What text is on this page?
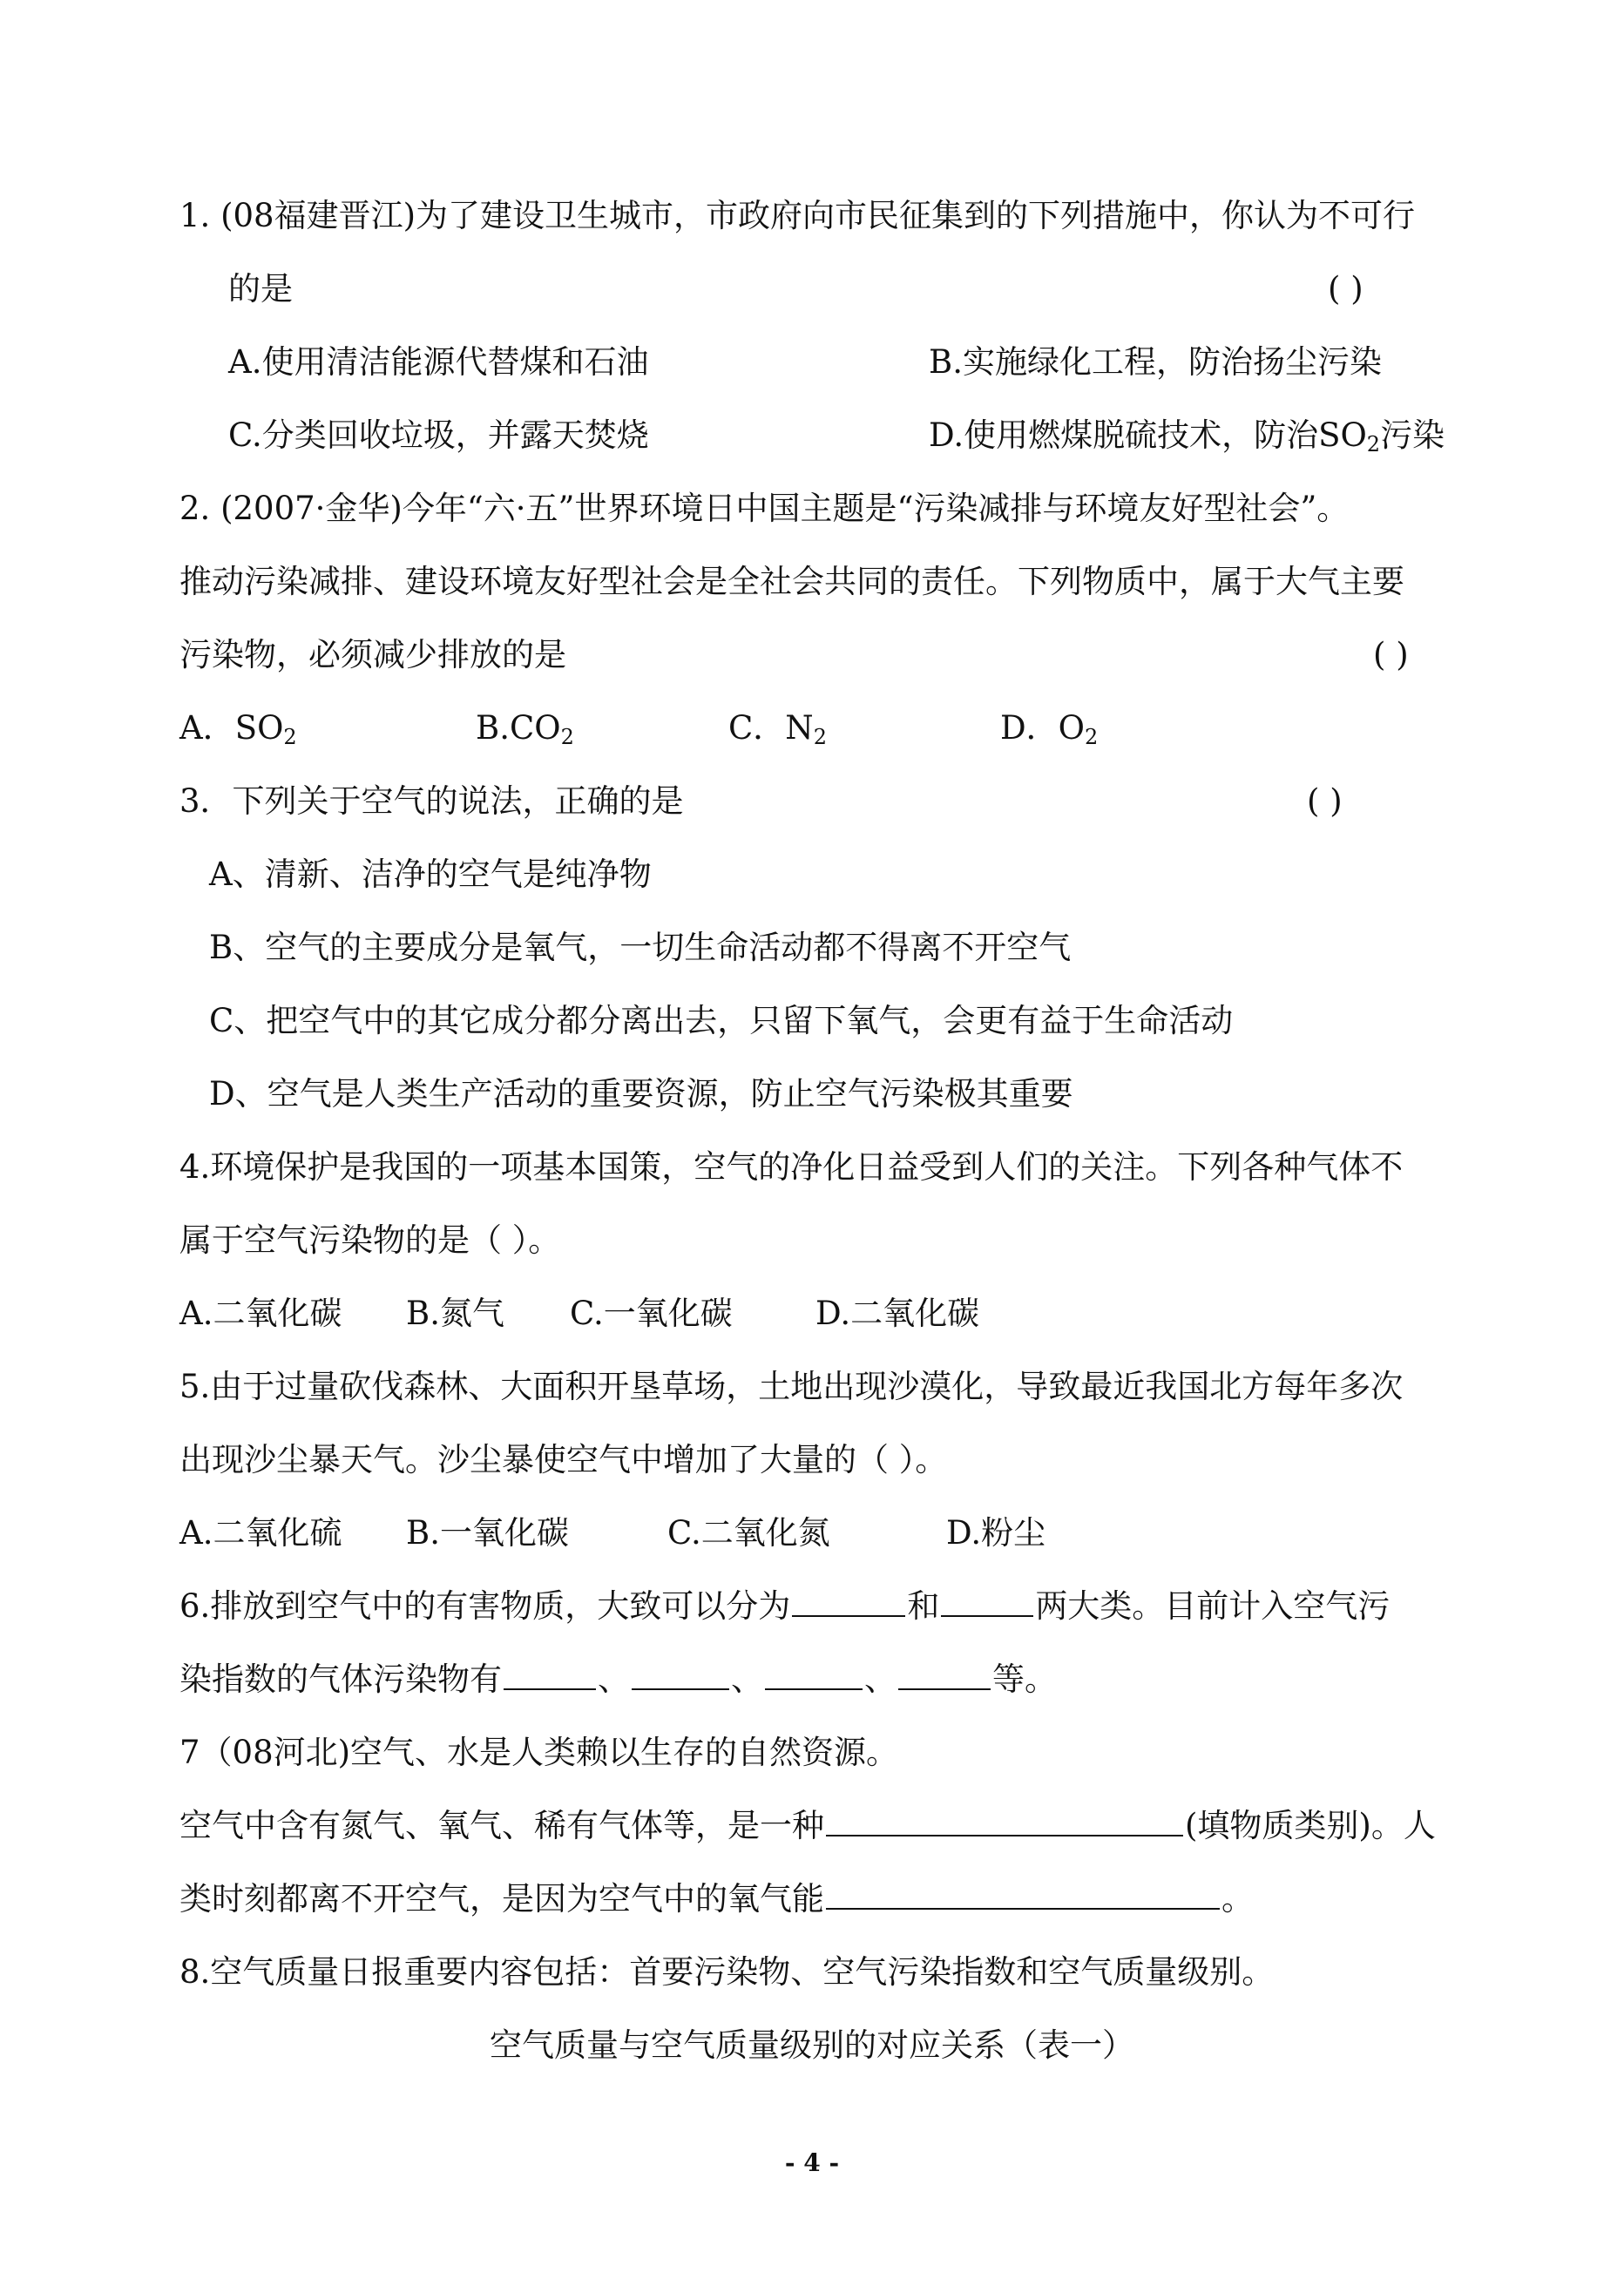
1. (08福建晋江)为了建设卫生城市，市政府向市民征集到的下列措施中，你认为不可行
的是	( )
A.使用清洁能源代替煤和石油	B.实施绿化工程，防治扬尘污染
C.分类回收垃圾，并露天焚烧	D.使用燃煤脱硫技术，防治$SO_2$污染
2. (2007·金华)今年“六·五”世界环境日中国主题是“污染减排与环境友好型社会”。
推动污染减排、建设环境友好型社会是全社会共同的责任。下列物质中，属于大气主要
污染物，必须减少排放的是	( )
A．$SO_2$	$B.CO_2$	C．$N_2$	D．$O_2$
3．下列关于空气的说法，正确的是	( )
A、清新、洁净的空气是纯净物
B、空气的主要成分是氧气，一切生命活动都不得离不开空气
C、把空气中的其它成分都分离出去，只留下氧气，会更有益于生命活动
D、空气是人类生产活动的重要资源，防止空气污染极其重要
4.环境保护是我国的一项基本国策，空气的净化日益受到人们的关注。下列各种气体不
属于空气污染物的是（ ）。
A.二氧化碳 B.氮气 C.一氧化碳	D.二氧化碳
5.由于过量砍伐森林、大面积开垦草场，土地出现沙漠化，导致最近我国北方每年多次
出现沙尘暴天气。沙尘暴使空气中增加了大量的（ ）。
A.二氧化硫 B.一氧化碳	C.二氧化氮	D.粉尘
6.排放到空气中的有害物质，大致可以分为	和	两大类。目前计入空气污
染指数的气体污染物有	、	、	、	等。
7（08河北)空气、水是人类赖以生存的自然资源。
空气中含有氮气、氧气、稀有气体等，是一种	(填物质类别)。人
类时刻都离不开空气，是因为空气中的氧气能	。
8.空气质量日报重要内容包括：首要污染物、空气污染指数和空气质量级别。
空气质量与空气质量级别的对应关系（表一）
- 4 -
